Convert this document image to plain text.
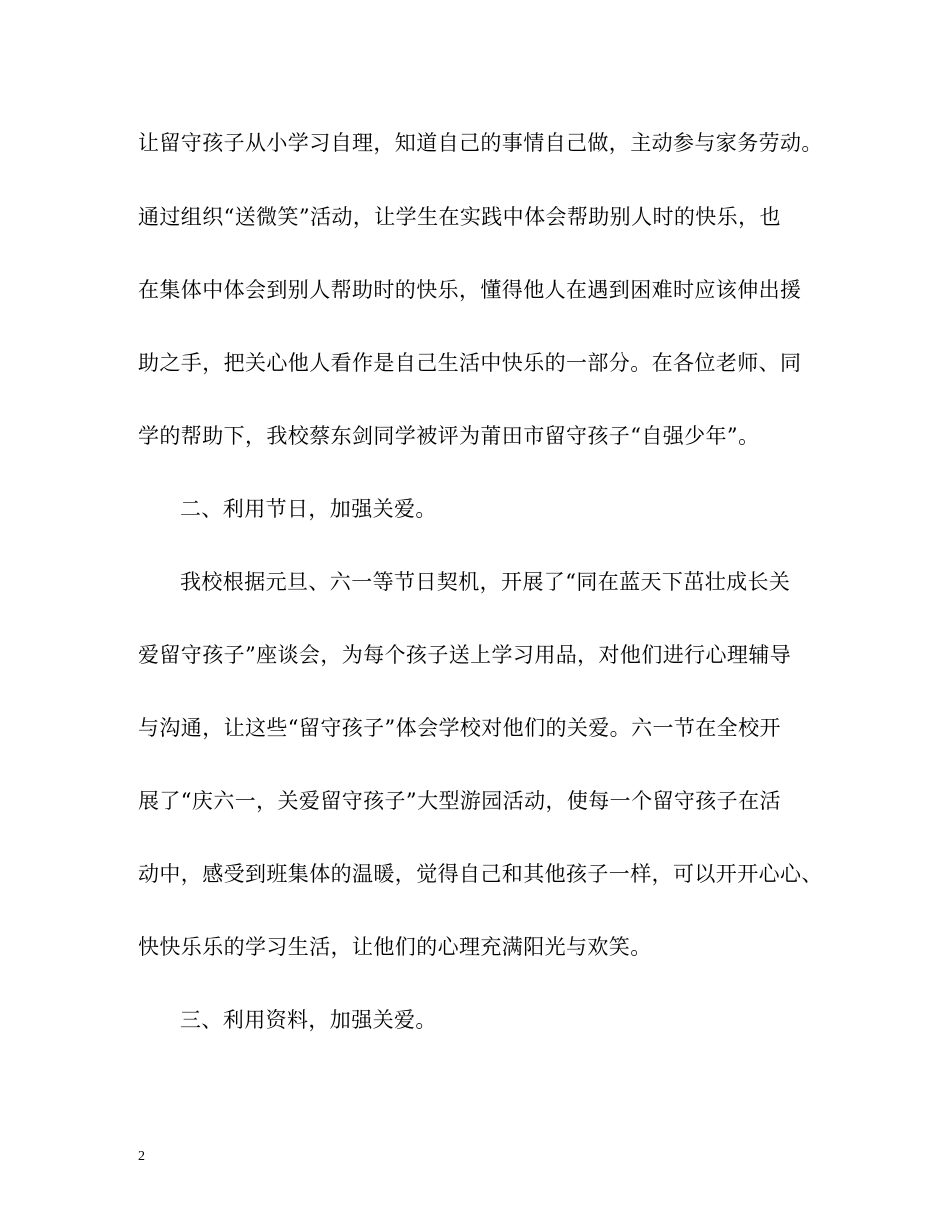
让留守孩子从小学习自理，知道自己的事情自己做，主动参与家务劳动。
通过组织“送微笑”活动，让学生在实践中体会帮助别人时的快乐，也
在集体中体会到别人帮助时的快乐，懂得他人在遇到困难时应该伸出援
助之手，把关心他人看作是自己生活中快乐的一部分。在各位老师、同
学的帮助下，我校蔡东剑同学被评为莆田市留守孩子“自强少年”。
二、利用节日，加强关爱。
我校根据元旦、六一等节日契机，开展了“同在蓝天下茁壮成长关
爱留守孩子”座谈会，为每个孩子送上学习用品，对他们进行心理辅导
与沟通，让这些“留守孩子”体会学校对他们的关爱。六一节在全校开
展了“庆六一，关爱留守孩子”大型游园活动，使每一个留守孩子在活
动中，感受到班集体的温暖，觉得自己和其他孩子一样，可以开开心心、
快快乐乐的学习生活，让他们的心理充满阳光与欢笑。
三、利用资料，加强关爱。
2
